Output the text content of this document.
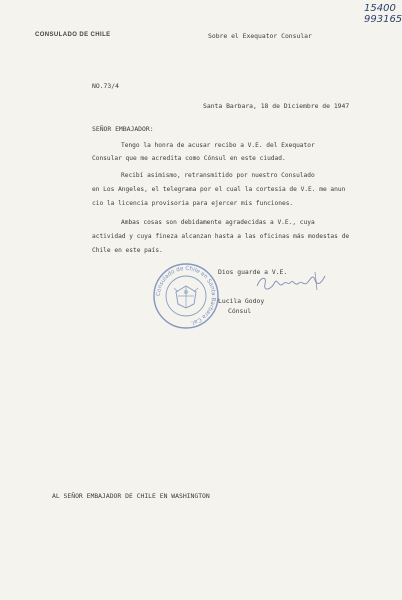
15400
993165
CONSULADO DE CHILE	Sobre el Exequator Consular
NO.73/4
Santa Barbara, 18 de Diciembre de 1947
SEÑOR EMBAJADOR:
Tengo la honra de acusar recibo a V.E. del Exequator
Consular que me acredita como Cónsul en este ciudad.
Recibí asimismo, retransmitido por nuestro Consulado
en Los Angeles, el telegrama por el cual la cortesia de V.E. me anun
cio la licencia provisoria para ejercer mis funciones.
Ambas cosas son debidamente agradecidas a V.E., cuya
actividad y cuya fineza alcanzan hasta a las oficinas más modestas de
Chile en este país.
Consulado de Chile en Santa Barbara Cal.
Dios guarde a V.E.
Lucila Godoy
Cónsul
AL SEÑOR EMBAJADOR DE CHILE EN WASHINGTON
